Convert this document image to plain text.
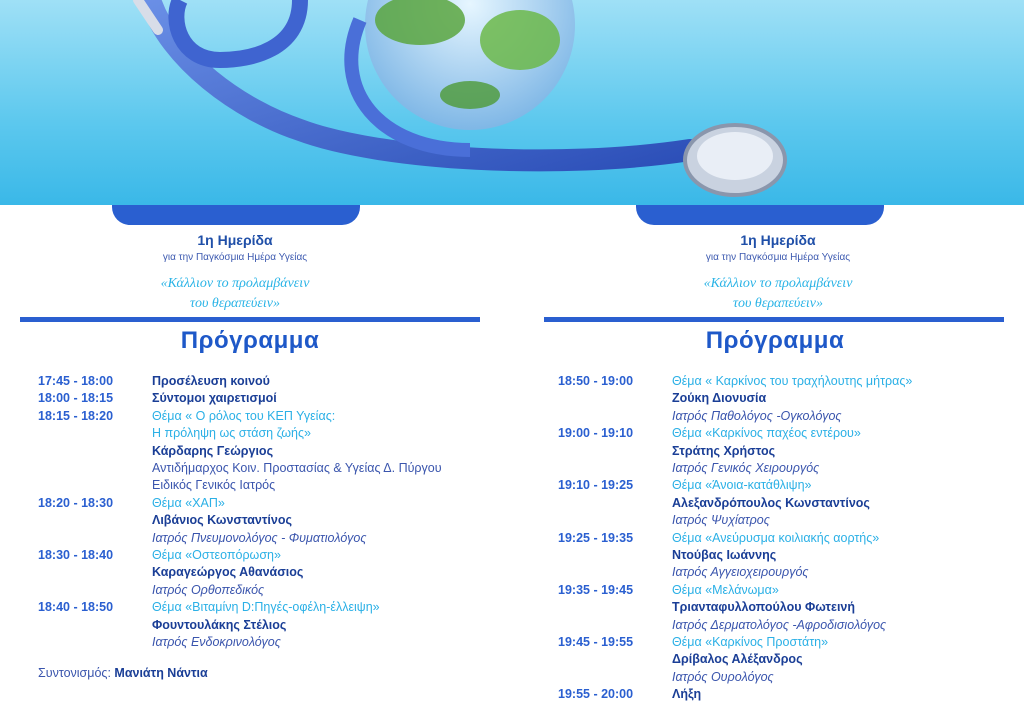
1η Ημερίδα
για την Παγκόσμια Ημέρα Υγείας
«Κάλλιον το προλαμβάνειν
του θεραπεύειν»
Πρόγραμμα
17:45 - 18:00	Προσέλευση κοινού
18:00 - 18:15	Σύντομοι χαιρετισμοί
18:15 - 18:20	Θέμα « Ο ρόλος του ΚΕΠ Υγείας:
Η πρόληψη ως στάση ζωής»
Κάρδαρης Γεώργιος
Αντιδήμαρχος Κοιν. Προστασίας & Υγείας Δ. Πύργου
Ειδικός Γενικός Ιατρός
18:20 - 18:30	Θέμα «ΧΑΠ»
Λιβάνιος Κωνσταντίνος
Ιατρός Πνευμονολόγος - Φυματιολόγος
18:30 - 18:40	Θέμα «Οστεοπόρωση»
Καραγεώργος Αθανάσιος
Ιατρός Ορθοπεδικός
18:40 - 18:50	Θέμα «Βιταμίνη D:Πηγές-οφέλη-έλλειψη»
Φουντουλάκης Στέλιος
Ιατρός Ενδοκρινολόγος
Συντονισμός: Μανιάτη Νάντια
1η Ημερίδα
για την Παγκόσμια Ημέρα Υγείας
«Κάλλιον το προλαμβάνειν
του θεραπεύειν»
Πρόγραμμα
18:50 - 19:00	Θέμα « Καρκίνος του τραχήλουτης μήτρας»
Ζούκη Διονυσία
Ιατρός Παθολόγος -Ογκολόγος
19:00 - 19:10	Θέμα «Καρκίνος παχέος εντέρου»
Στράτης Χρήστος
Ιατρός Γενικός Χειρουργός
19:10 - 19:25	Θέμα «Άνοια-κατάθλιψη»
Αλεξανδρόπουλος Κωνσταντίνος
Ιατρός Ψυχίατρος
19:25 - 19:35	Θέμα «Ανεύρυσμα κοιλιακής αορτής»
Ντούβας Ιωάννης
Ιατρός Αγγειοχειρουργός
19:35 - 19:45	Θέμα «Μελάνωμα»
Τριανταφυλλοπούλου Φωτεινή
Ιατρός Δερματολόγος -Αφροδισιολόγος
19:45 - 19:55	Θέμα «Καρκίνος Προστάτη»
Δρίβαλος Αλέξανδρος
Ιατρός Ουρολόγος
19:55 - 20:00	Λήξη
